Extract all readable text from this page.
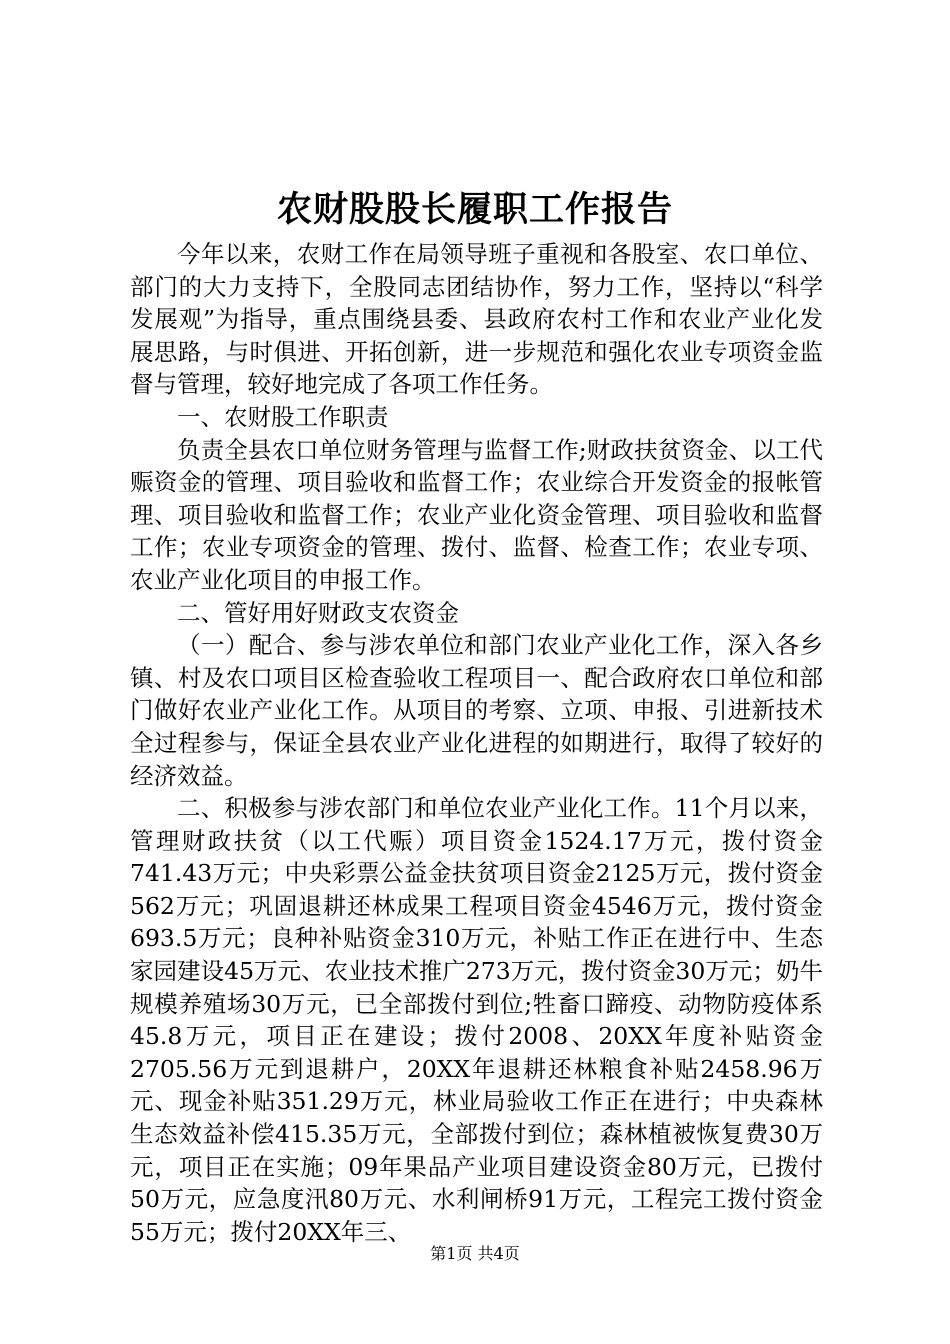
农财股股长履职工作报告

今年以来，农财工作在局领导班子重视和各股室、农口单位、部门的大力支持下，全股同志团结协作，努力工作，坚持以“科学发展观”为指导，重点围绕县委、县政府农村工作和农业产业化发展思路，与时俱进、开拓创新，进一步规范和强化农业专项资金监督与管理，较好地完成了各项工作任务。

一、农财股工作职责

负责全县农口单位财务管理与监督工作;财政扶贫资金、以工代赈资金的管理、项目验收和监督工作；农业综合开发资金的报帐管理、项目验收和监督工作；农业产业化资金管理、项目验收和监督工作；农业专项资金的管理、拨付、监督、检查工作；农业专项、农业产业化项目的申报工作。

二、管好用好财政支农资金

（一）配合、参与涉农单位和部门农业产业化工作，深入各乡镇、村及农口项目区检查验收工程项目一、配合政府农口单位和部门做好农业产业化工作。从项目的考察、立项、申报、引进新技术全过程参与，保证全县农业产业化进程的如期进行，取得了较好的经济效益。

二、积极参与涉农部门和单位农业产业化工作。11个月以来，管理财政扶贫（以工代赈）项目资金1524.17万元，拨付资金741.43万元；中央彩票公益金扶贫项目资金2125万元，拨付资金562万元；巩固退耕还林成果工程项目资金4546万元，拨付资金693.5万元；良种补贴资金310万元，补贴工作正在进行中、生态家园建设45万元、农业技术推广273万元，拨付资金30万元；奶牛规模养殖场30万元，已全部拨付到位;牲畜口蹄疫、动物防疫体系45.8万元，项目正在建设；拨付2008、20XX年度补贴资金2705.56万元到退耕户，20XX年退耕还林粮食补贴2458.96万元、现金补贴351.29万元，林业局验收工作正在进行；中央森林生态效益补偿415.35万元，全部拨付到位；森林植被恢复费30万元，项目正在实施；09年果品产业项目建设资金80万元，已拨付50万元，应急度汛80万元、水利闸桥91万元，工程完工拨付资金55万元；拨付20XX年三、

第1页 共4页
